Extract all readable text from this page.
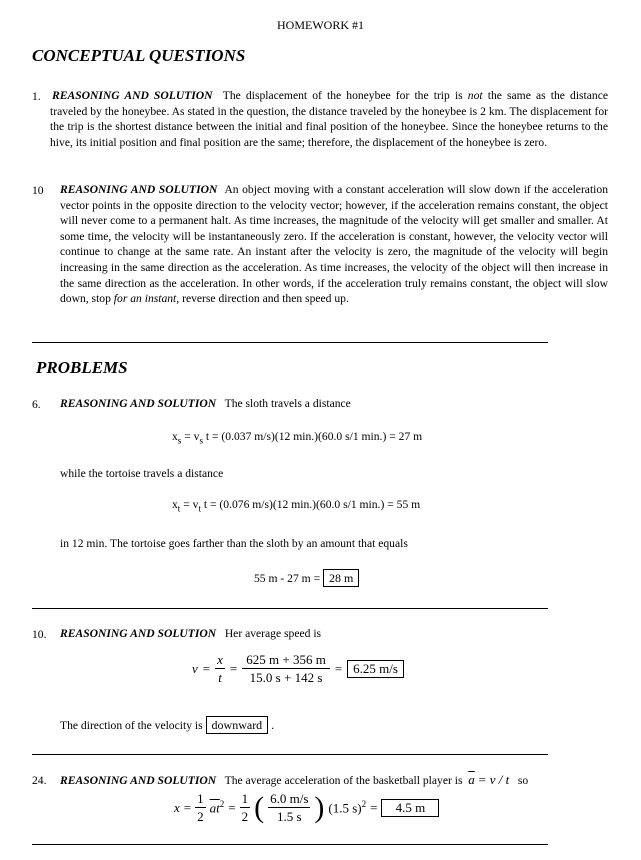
HOMEWORK #1
CONCEPTUAL QUESTIONS
1. REASONING AND SOLUTION The displacement of the honeybee for the trip is not the same as the distance traveled by the honeybee. As stated in the question, the distance traveled by the honeybee is 2 km. The displacement for the trip is the shortest distance between the initial and final position of the honeybee. Since the honeybee returns to the hive, its initial position and final position are the same; therefore, the displacement of the honeybee is zero.
10 REASONING AND SOLUTION An object moving with a constant acceleration will slow down if the acceleration vector points in the opposite direction to the velocity vector; however, if the acceleration remains constant, the object will never come to a permanent halt. As time increases, the magnitude of the velocity will get smaller and smaller. At some time, the velocity will be instantaneously zero. If the acceleration is constant, however, the velocity vector will continue to change at the same rate. An instant after the velocity is zero, the magnitude of the velocity will begin increasing in the same direction as the acceleration. As time increases, the velocity of the object will then increase in the same direction as the acceleration. In other words, if the acceleration truly remains constant, the object will slow down, stop for an instant, reverse direction and then speed up.
PROBLEMS
6. REASONING AND SOLUTION The sloth travels a distance
$x_s = v_s$ t = (0.037 m/s)(12 min.)(60.0 s/1 min.) = 27 m
while the tortoise travels a distance
$x_t = v_t$ t = (0.076 m/s)(12 min.)(60.0 s/1 min.) = 55 m
in 12 min. The tortoise goes farther than the sloth by an amount that equals
55 m - 27 m = 28 m
10. REASONING AND SOLUTION Her average speed is
$v = \frac{x}{t} = \frac{625 m + 356 m}{15.0 s + 142 s} = 6.25$ m/s
The direction of the velocity is downward .
24. REASONING AND SOLUTION The average acceleration of the basketball player is $\overline{a} = v / t$ so
$x = \frac{1}{2} \overline{at}^2 = \frac{1}{2}$ ( $\frac{6.0 m/s}{1.5 s}$ ) (1.5 s)$^2$ =	4.5 m
